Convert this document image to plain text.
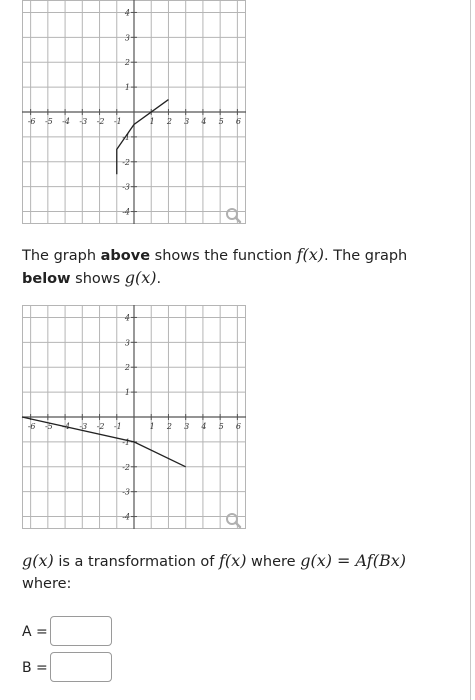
-6 -5 -4 -3 -2 -1	1 2 3 4 5 6
4
3
2
1
-1
-2
-3
-4
The graph above shows the function f(x). The graph below shows g(x).
-6 -5 -4 -3 -2 -1	1 2 3 4 5 6
4
3
2
1
-1
-2
-3
-4
g(x) is a transformation of f(x) where g(x) = Af(Bx)
where:
A =
B =
